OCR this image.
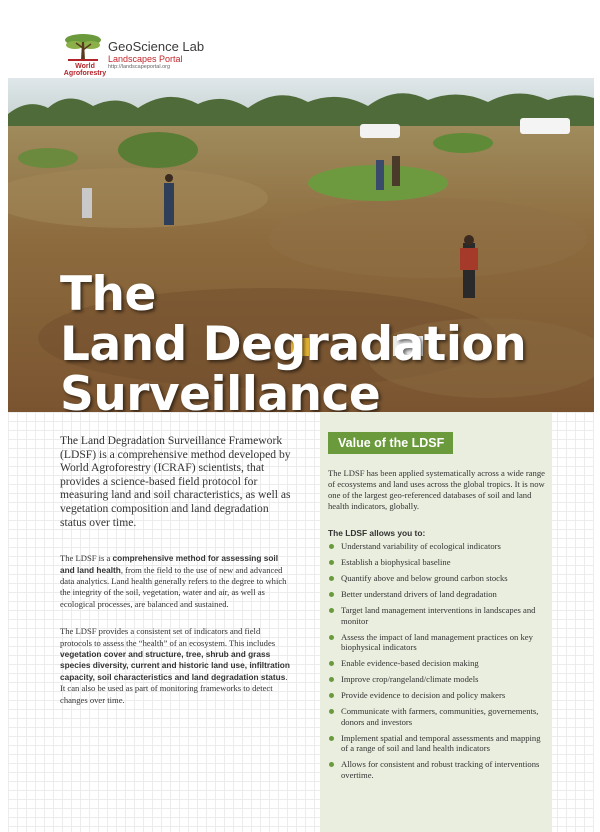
World Agroforestry
GeoScience Lab
Landscapes Portal
http://landscapeportal.org
The
Land Degradation
Surveillance

The Land Degradation Surveillance Framework (LDSF) is a comprehensive method developed by World Agroforestry (ICRAF) scientists, that provides a science-based field protocol for measuring land and soil characteristics, as well as vegetation composition and land degradation status over time.

The LDSF is a comprehensive method for assessing soil and land health, from the field to the use of new and advanced data analytics. Land health generally refers to the degree to which the integrity of the soil, vegetation, water and air, as well as ecological processes, are balanced and sustained.

The LDSF provides a consistent set of indicators and field protocols to assess the “health” of an ecosystem. This includes vegetation cover and structure, tree, shrub and grass species diversity, current and historic land use, infiltration capacity, soil characteristics and land degradation status. It can also be used as part of monitoring frameworks to detect changes over time.

Value of the LDSF

The LDSF has been applied systematically across a wide range of ecosystems and land uses across the global tropics. It is now one of the largest geo-referenced databases of soil and land health indicators, globally.

The LDSF allows you to:

Understand variability of ecological indicators
Establish a biophysical baseline
Quantify above and below ground carbon stocks
Better understand drivers of land degradation
Target land management interventions in landscapes and monitor
Assess the impact of land management practices on key biophysical indicators
Enable evidence-based decision making
Improve crop/rangeland/climate models
Provide evidence to decision and policy makers
Communicate with farmers, communities, governements, donors and investors
Implement spatial and temporal assessments and mapping of a range of soil and land health indicators
Allows for consistent and robust tracking of interventions overtime.
